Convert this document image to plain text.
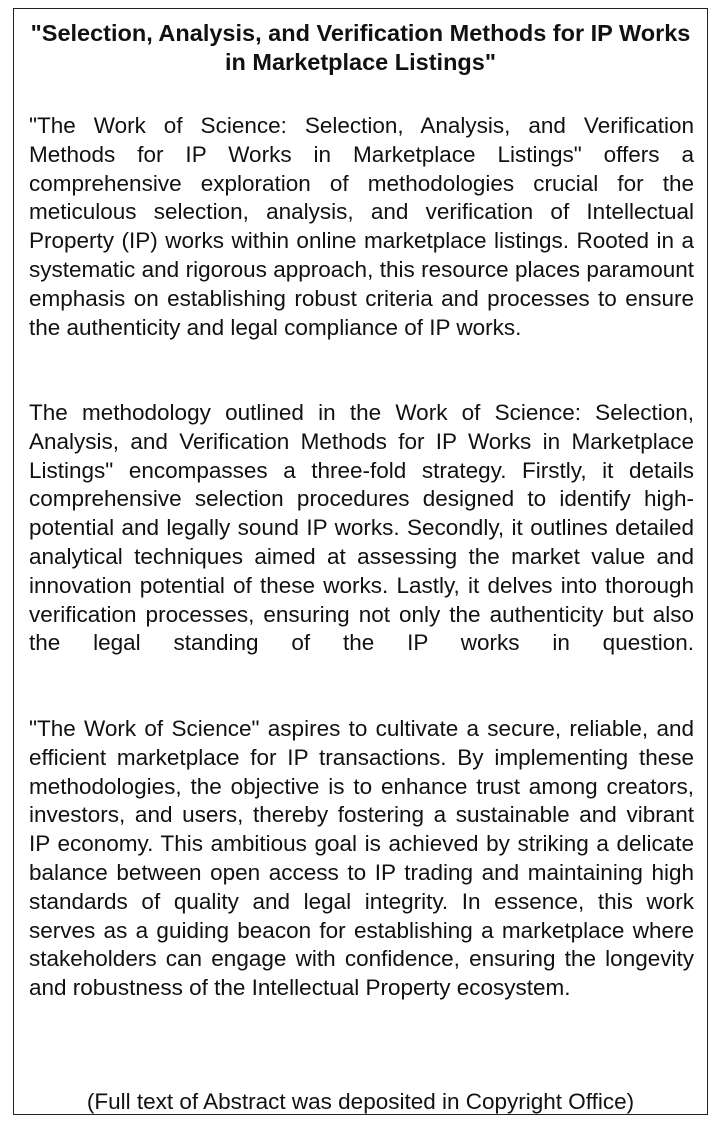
"Selection, Analysis, and Verification Methods for IP Works in Marketplace Listings"

"The Work of Science: Selection, Analysis, and Verification Methods for IP Works in Marketplace Listings" offers a comprehensive exploration of methodologies crucial for the meticulous selection, analysis, and verification of Intellectual Property (IP) works within online marketplace listings. Rooted in a systematic and rigorous approach, this resource places paramount emphasis on establishing robust criteria and processes to ensure the authenticity and legal compliance of IP works.

The methodology outlined in the Work of Science: Selection, Analysis, and Verification Methods for IP Works in Marketplace Listings" encompasses a three-fold strategy. Firstly, it details comprehensive selection procedures designed to identify high-potential and legally sound IP works. Secondly, it outlines detailed analytical techniques aimed at assessing the market value and innovation potential of these works. Lastly, it delves into thorough verification processes, ensuring not only the authenticity but also the legal standing of the IP works in question.

"The Work of Science" aspires to cultivate a secure, reliable, and efficient marketplace for IP transactions. By implementing these methodologies, the objective is to enhance trust among creators, investors, and users, thereby fostering a sustainable and vibrant IP economy. This ambitious goal is achieved by striking a delicate balance between open access to IP trading and maintaining high standards of quality and legal integrity. In essence, this work serves as a guiding beacon for establishing a marketplace where stakeholders can engage with confidence, ensuring the longevity and robustness of the Intellectual Property ecosystem.

(Full text of Abstract was deposited in Copyright Office)
